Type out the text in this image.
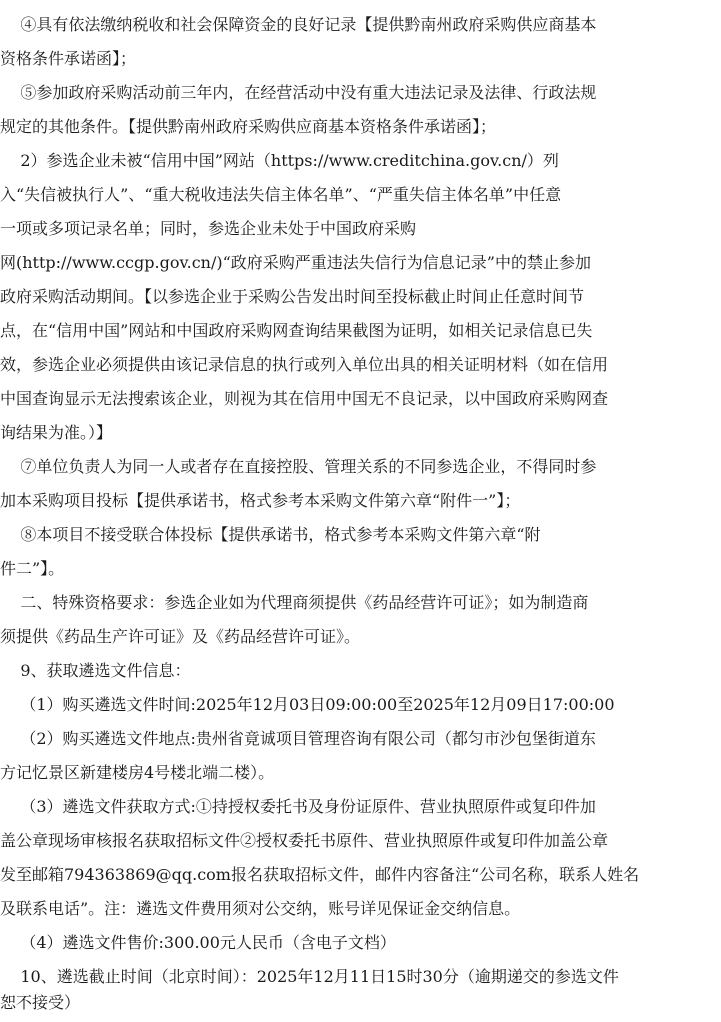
④具有依法缴纳税收和社会保障资金的良好记录【提供黔南州政府采购供应商基本
资格条件承诺函】；
⑤参加政府采购活动前三年内，在经营活动中没有重大违法记录及法律、行政法规
规定的其他条件。【提供黔南州政府采购供应商基本资格条件承诺函】；
2）参选企业未被“信用中国”网站（https://www.creditchina.gov.cn/）列
入“失信被执行人”、“重大税收违法失信主体名单”、“严重失信主体名单”中任意
一项或多项记录名单；同时，参选企业未处于中国政府采购
网(http://www.ccgp.gov.cn/)“政府采购严重违法失信行为信息记录”中的禁止参加
政府采购活动期间。【以参选企业于采购公告发出时间至投标截止时间止任意时间节
点，在“信用中国”网站和中国政府采购网查询结果截图为证明，如相关记录信息已失
效，参选企业必须提供由该记录信息的执行或列入单位出具的相关证明材料（如在信用
中国查询显示无法搜索该企业，则视为其在信用中国无不良记录，以中国政府采购网查
询结果为准。）】
⑦单位负责人为同一人或者存在直接控股、管理关系的不同参选企业，不得同时参
加本采购项目投标【提供承诺书，格式参考本采购文件第六章“附件一”】；
⑧本项目不接受联合体投标【提供承诺书，格式参考本采购文件第六章“附
件二”】。
二、特殊资格要求：参选企业如为代理商须提供《药品经营许可证》；如为制造商
须提供《药品生产许可证》及《药品经营许可证》。
9、获取遴选文件信息：
（1）购买遴选文件时间:2025年12月03日09:00:00至2025年12月09日17:00:00
（2）购买遴选文件地点:贵州省竟诚项目管理咨询有限公司（都匀市沙包堡街道东
方记忆景区新建楼房4号楼北端二楼）。
（3）遴选文件获取方式:①持授权委托书及身份证原件、营业执照原件或复印件加
盖公章现场审核报名获取招标文件②授权委托书原件、营业执照原件或复印件加盖公章
发至邮箱794363869@qq.com报名获取招标文件，邮件内容备注“公司名称，联系人姓名
及联系电话”。注：遴选文件费用须对公交纳，账号详见保证金交纳信息。
（4）遴选文件售价:300.00元人民币（含电子文档）
10、遴选截止时间（北京时间）：2025年12月11日15时30分（逾期递交的参选文件
恕不接受）
